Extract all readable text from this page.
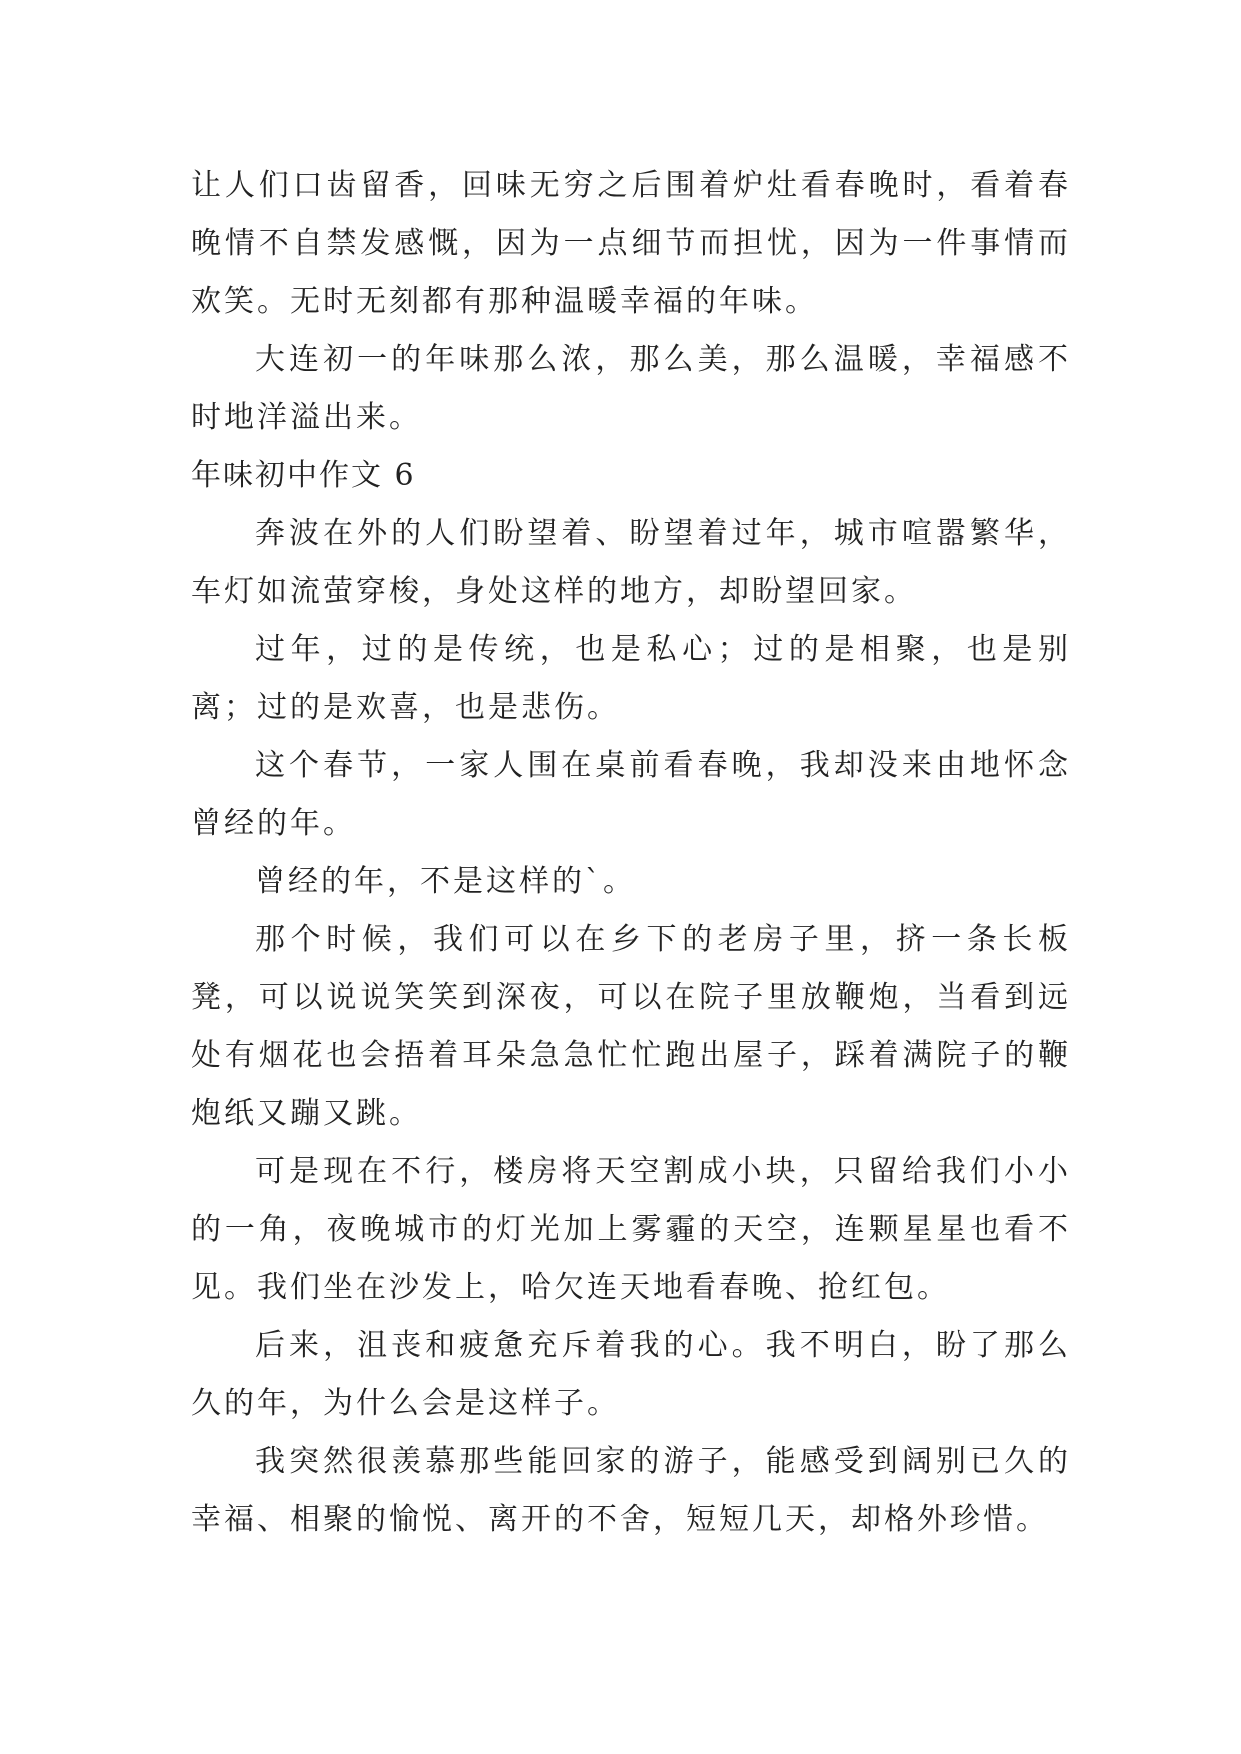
让人们口齿留香，回味无穷之后围着炉灶看春晚时，看着春晚情不自禁发感慨，因为一点细节而担忧，因为一件事情而欢笑。无时无刻都有那种温暖幸福的年味。

大连初一的年味那么浓，那么美，那么温暖，幸福感不时地洋溢出来。

年味初中作文 6

奔波在外的人们盼望着、盼望着过年，城市喧嚣繁华，车灯如流萤穿梭，身处这样的地方，却盼望回家。

过年，过的是传统，也是私心；过的是相聚，也是别离；过的是欢喜，也是悲伤。

这个春节，一家人围在桌前看春晚，我却没来由地怀念曾经的年。

曾经的年，不是这样的`。

那个时候，我们可以在乡下的老房子里，挤一条长板凳，可以说说笑笑到深夜，可以在院子里放鞭炮，当看到远处有烟花也会捂着耳朵急急忙忙跑出屋子，踩着满院子的鞭炮纸又蹦又跳。

可是现在不行，楼房将天空割成小块，只留给我们小小的一角，夜晚城市的灯光加上雾霾的天空，连颗星星也看不见。我们坐在沙发上，哈欠连天地看春晚、抢红包。

后来，沮丧和疲惫充斥着我的心。我不明白，盼了那么久的年，为什么会是这样子。

我突然很羡慕那些能回家的游子，能感受到阔别已久的幸福、相聚的愉悦、离开的不舍，短短几天，却格外珍惜。
